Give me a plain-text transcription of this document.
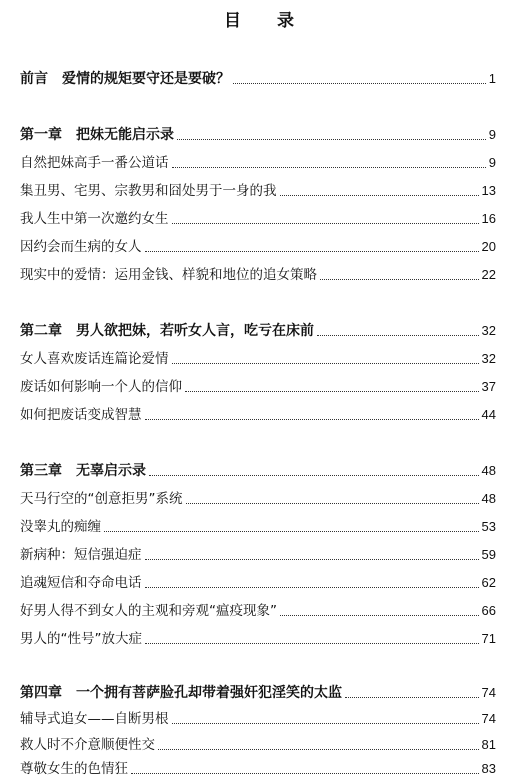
目 录
前言 爱情的规矩要守还是要破？	1
第一章 把妹无能启示录	9
自然把妹高手一番公道话	9
集丑男、宅男、宗教男和囧处男于一身的我	13
我人生中第一次邀约女生	16
因约会而生病的女人	20
现实中的爱情：运用金钱、样貌和地位的追女策略	22
第二章 男人欲把妹，若听女人言，吃亏在床前	32
女人喜欢废话连篇论爱情	32
废话如何影响一个人的信仰	37
如何把废话变成智慧	44
第三章 无辜启示录	48
天马行空的“创意拒男”系统	48
没睾丸的痴缠	53
新病种：短信强迫症	59
追魂短信和夺命电话	62
好男人得不到女人的主观和旁观“瘟疫现象”	66
男人的“性号”放大症	71
第四章 一个拥有菩萨脸孔却带着强奸犯淫笑的太监	74
辅导式追女——自断男根	74
救人时不介意顺便性交	81
尊敬女生的色情狂	83
